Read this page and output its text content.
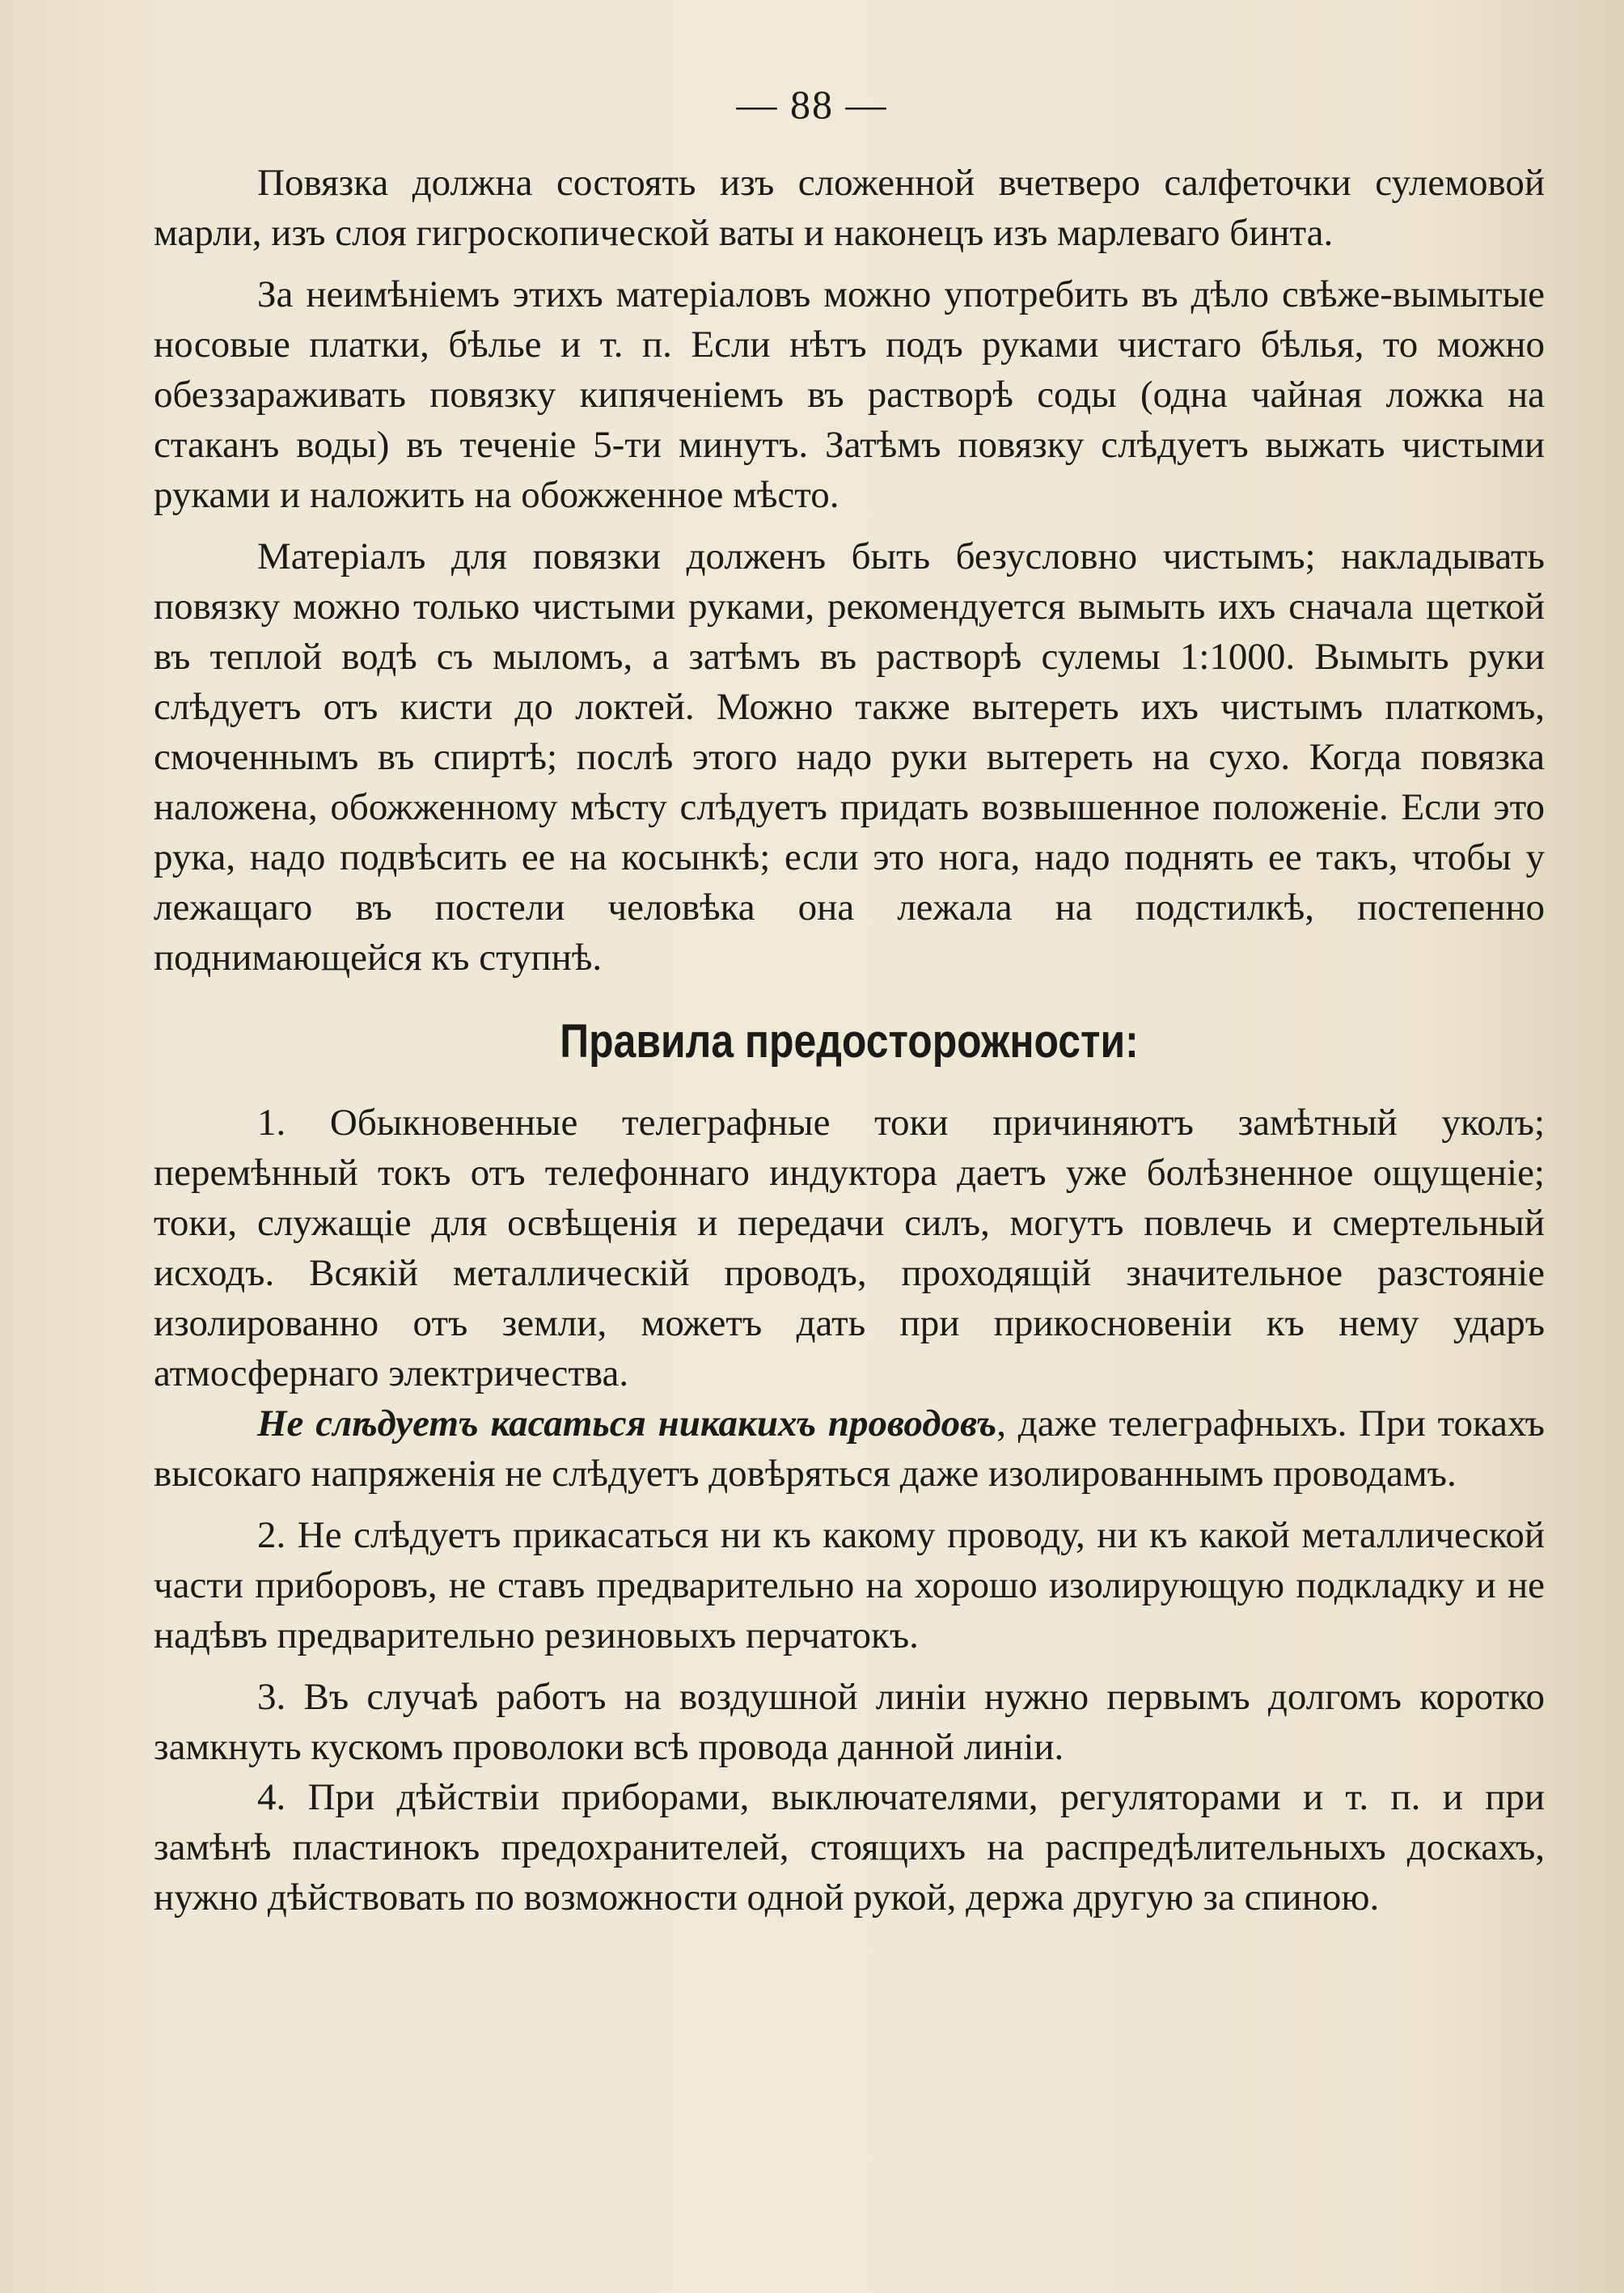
— 88 —

Повязка должна состоять изъ сложенной вчетверо салфеточки сулемовой марли, изъ слоя гигроскопической ваты и наконецъ изъ марлеваго бинта.

За неимѣніемъ этихъ матеріаловъ можно употребить въ дѣло свѣже-вымытые носовые платки, бѣлье и т. п. Если нѣтъ подъ руками чистаго бѣлья, то можно обеззараживать повязку кипяченіемъ въ растворѣ соды (одна чайная ложка на стаканъ воды) въ теченіе 5-ти минутъ. Затѣмъ повязку слѣдуетъ выжать чистыми руками и наложить на обожженное мѣсто.

Матеріалъ для повязки долженъ быть безусловно чистымъ; накладывать повязку можно только чистыми руками, рекомендуется вымыть ихъ сначала щеткой въ теплой водѣ съ мыломъ, а затѣмъ въ растворѣ сулемы 1:1000. Вымыть руки слѣдуетъ отъ кисти до локтей. Можно также вытереть ихъ чистымъ платкомъ, смоченнымъ въ спиртѣ; послѣ этого надо руки вытереть на сухо. Когда повязка наложена, обожженному мѣсту слѣдуетъ придать возвышенное положеніе. Если это рука, надо подвѣсить ее на косынкѣ; если это нога, надо поднять ее такъ, чтобы у лежащаго въ постели человѣка она лежала на подстилкѣ, постепенно поднимающейся къ ступнѣ.

Правила предосторожности:

1. Обыкновенные телеграфные токи причиняютъ замѣтный уколъ; перемѣнный токъ отъ телефоннаго индуктора даетъ уже болѣзненное ощущеніе; токи, служащіе для освѣщенія и передачи силъ, могутъ повлечь и смертельный исходъ. Всякій металлическій проводъ, проходящій значительное разстояніе изолированно отъ земли, можетъ дать при прикосновеніи къ нему ударъ атмосфернаго электричества.

Не слѣдуетъ касаться никакихъ проводовъ, даже телеграфныхъ. При токахъ высокаго напряженія не слѣдуетъ довѣряться даже изолированнымъ проводамъ.

2. Не слѣдуетъ прикасаться ни къ какому проводу, ни къ какой металлической части приборовъ, не ставъ предварительно на хорошо изолирующую подкладку и не надѣвъ предварительно резиновыхъ перчатокъ.

3. Въ случаѣ работъ на воздушной линіи нужно первымъ долгомъ коротко замкнуть кускомъ проволоки всѣ провода данной линіи.

4. При дѣйствіи приборами, выключателями, регуляторами и т. п. и при замѣнѣ пластинокъ предохранителей, стоящихъ на распредѣлительныхъ доскахъ, нужно дѣйствовать по возможности одной рукой, держа другую за спиною.
